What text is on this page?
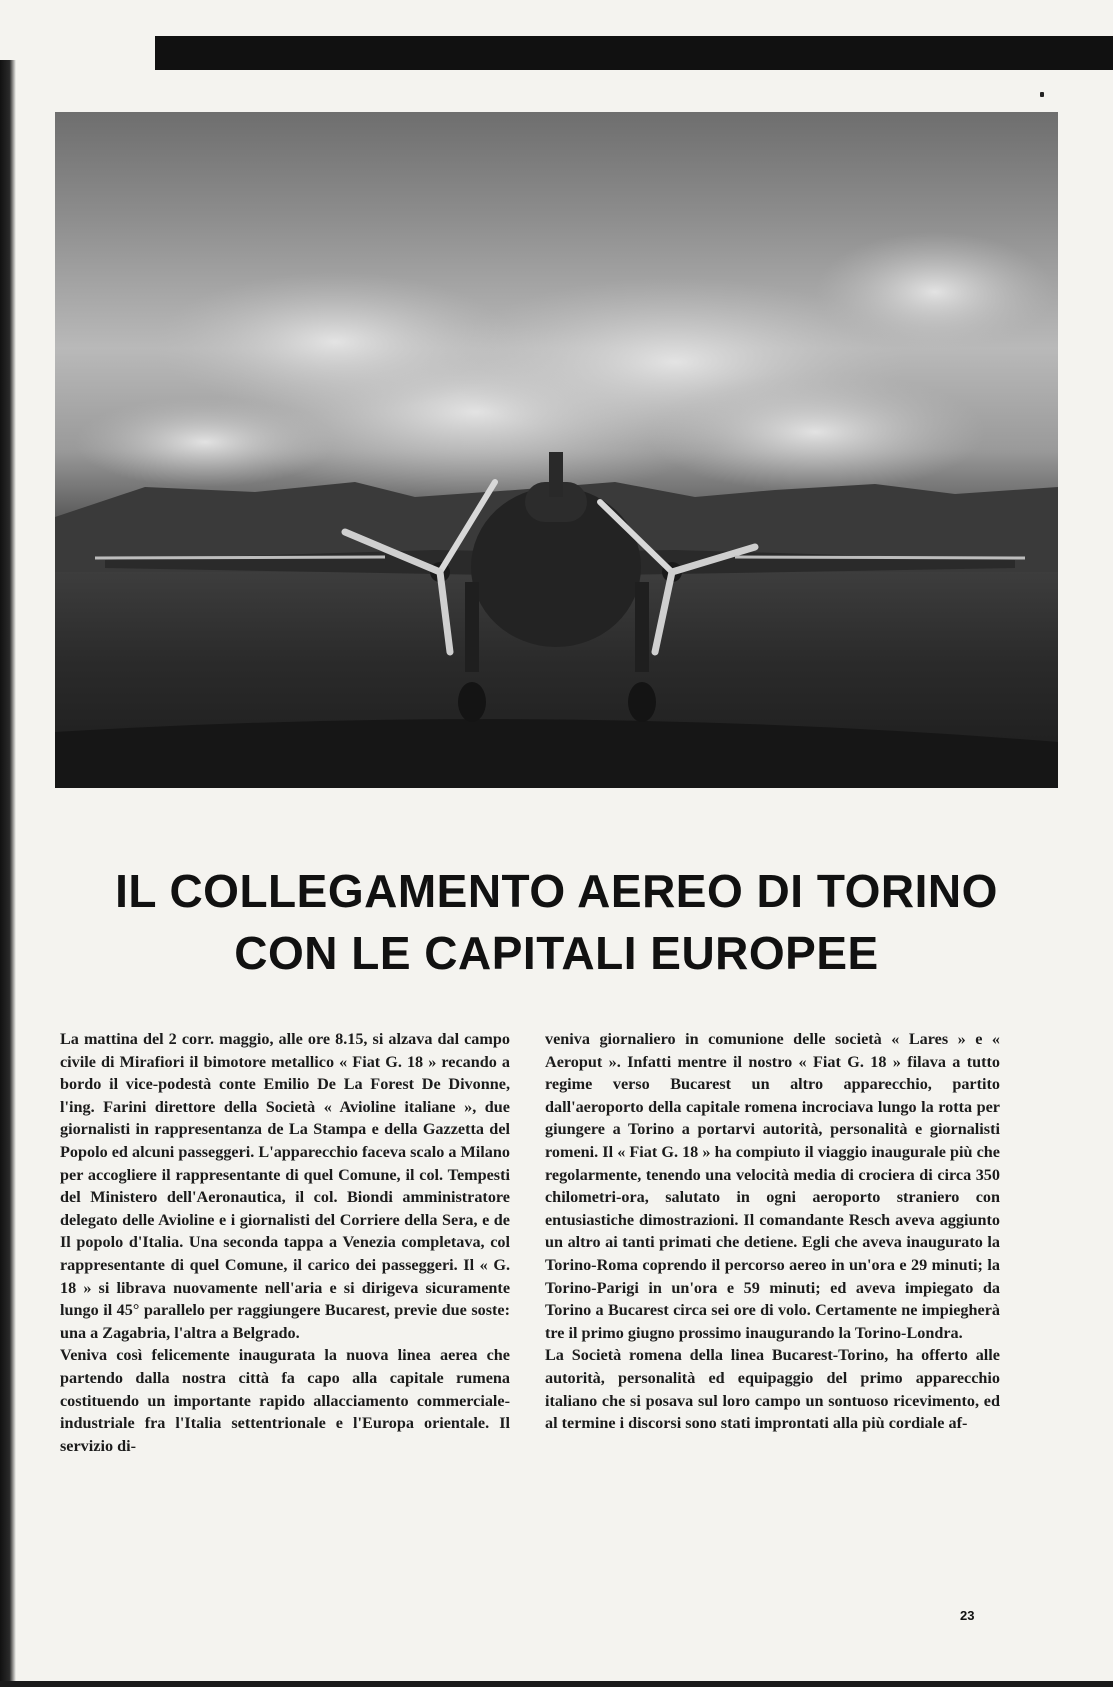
IL COLLEGAMENTO AEREO DI TORINO
CON LE CAPITALI EUROPEE

La mattina del 2 corr. maggio, alle ore 8.15, si alzava dal campo civile di Mirafiori il bimotore metallico « Fiat G. 18 » recando a bordo il vice-podestà conte Emilio De La Forest De Divonne, l'ing. Farini direttore della Società « Avioline italiane », due giornalisti in rappresentanza de La Stampa e della Gazzetta del Popolo ed alcuni passeggeri. L'apparecchio faceva scalo a Milano per accogliere il rappresentante di quel Comune, il col. Tempesti del Ministero dell'Aeronautica, il col. Biondi amministratore delegato delle Avioline e i giornalisti del Corriere della Sera, e de Il popolo d'Italia. Una seconda tappa a Venezia completava, col rappresentante di quel Comune, il carico dei passeggeri. Il « G. 18 » si librava nuovamente nell'aria e si dirigeva sicuramente lungo il 45° parallelo per raggiungere Bucarest, previe due soste: una a Zagabria, l'altra a Belgrado.

Veniva così felicemente inaugurata la nuova linea aerea che partendo dalla nostra città fa capo alla capitale rumena costituendo un importante rapido allacciamento commerciale-industriale fra l'Italia settentrionale e l'Europa orientale. Il servizio di-

veniva giornaliero in comunione delle società « Lares » e « Aeroput ». Infatti mentre il nostro « Fiat G. 18 » filava a tutto regime verso Bucarest un altro apparecchio, partito dall'aeroporto della capitale romena incrociava lungo la rotta per giungere a Torino a portarvi autorità, personalità e giornalisti romeni. Il « Fiat G. 18 » ha compiuto il viaggio inaugurale più che regolarmente, tenendo una velocità media di crociera di circa 350 chilometri-ora, salutato in ogni aeroporto straniero con entusiastiche dimostrazioni. Il comandante Resch aveva aggiunto un altro ai tanti primati che detiene. Egli che aveva inaugurato la Torino-Roma coprendo il percorso aereo in un'ora e 29 minuti; la Torino-Parigi in un'ora e 59 minuti; ed aveva impiegato da Torino a Bucarest circa sei ore di volo. Certamente ne impiegherà tre il primo giugno prossimo inaugurando la Torino-Londra.

La Società romena della linea Bucarest-Torino, ha offerto alle autorità, personalità ed equipaggio del primo apparecchio italiano che si posava sul loro campo un sontuoso ricevimento, ed al termine i discorsi sono stati improntati alla più cordiale af-

23
